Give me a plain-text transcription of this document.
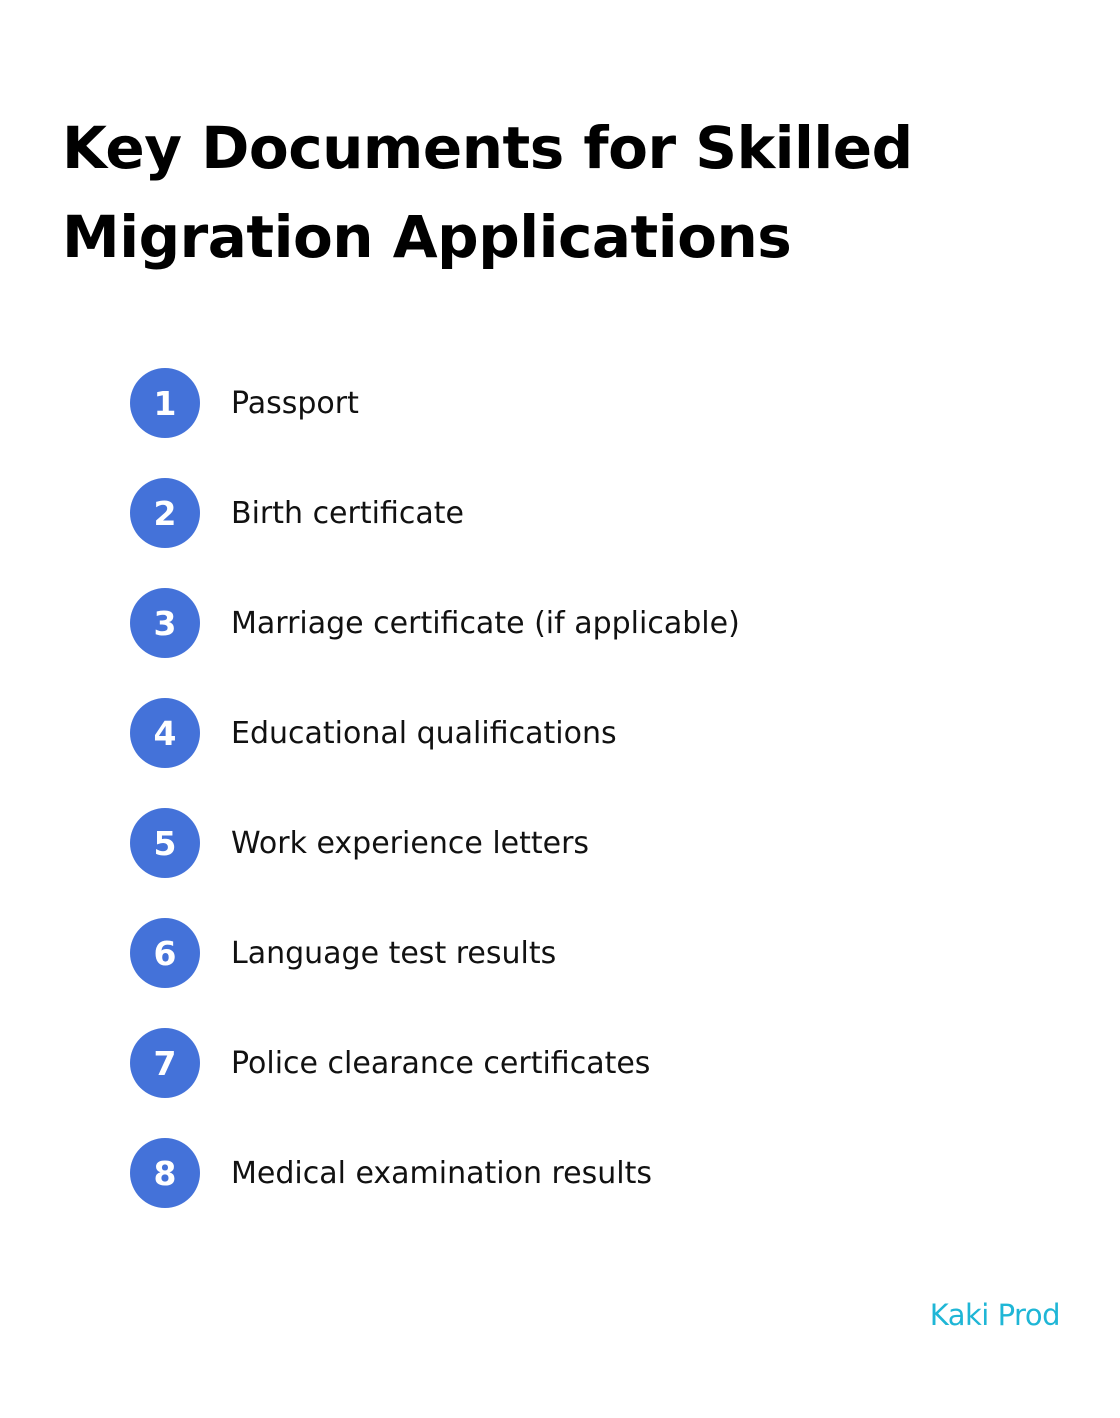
Key Documents for Skilled
Migration Applications
1	Passport
2	Birth certificate
3	Marriage certificate (if applicable)
4	Educational qualifications
5	Work experience letters
6	Language test results
7	Police clearance certificates
8	Medical examination results
Kaki Prod
